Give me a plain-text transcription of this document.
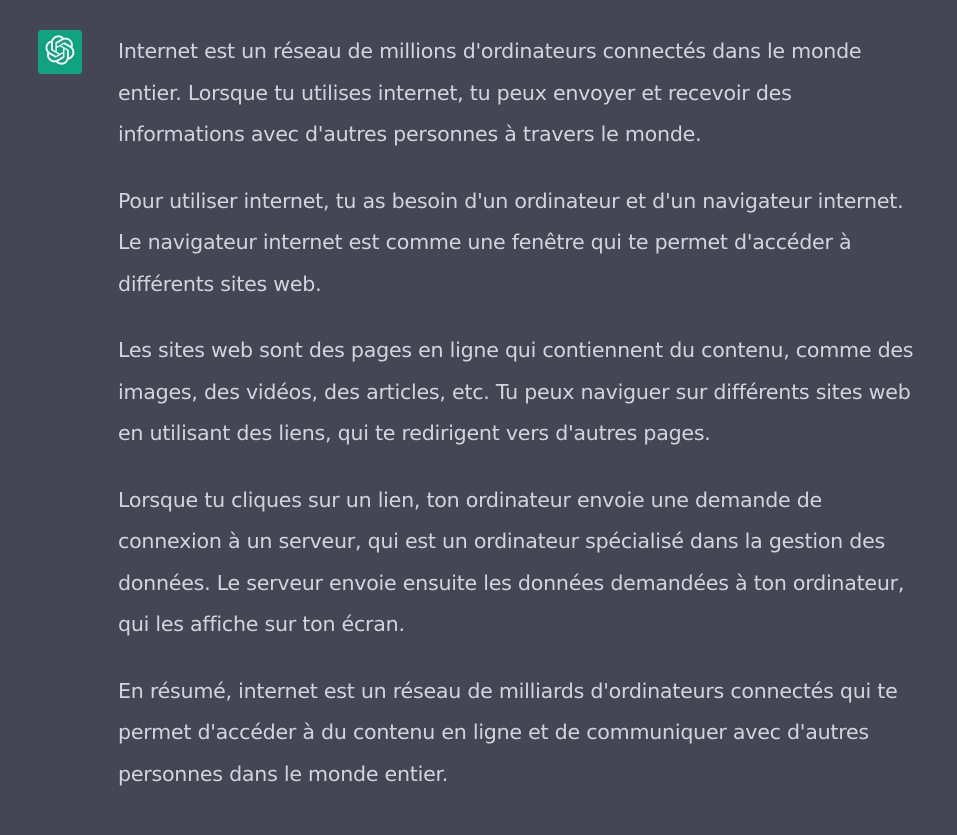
Internet est un réseau de millions d'ordinateurs connectés dans le monde
entier. Lorsque tu utilises internet, tu peux envoyer et recevoir des
informations avec d'autres personnes à travers le monde.

Pour utiliser internet, tu as besoin d'un ordinateur et d'un navigateur internet.
Le navigateur internet est comme une fenêtre qui te permet d'accéder à
différents sites web.

Les sites web sont des pages en ligne qui contiennent du contenu, comme des
images, des vidéos, des articles, etc. Tu peux naviguer sur différents sites web
en utilisant des liens, qui te redirigent vers d'autres pages.

Lorsque tu cliques sur un lien, ton ordinateur envoie une demande de
connexion à un serveur, qui est un ordinateur spécialisé dans la gestion des
données. Le serveur envoie ensuite les données demandées à ton ordinateur,
qui les affiche sur ton écran.

En résumé, internet est un réseau de milliards d'ordinateurs connectés qui te
permet d'accéder à du contenu en ligne et de communiquer avec d'autres
personnes dans le monde entier.
